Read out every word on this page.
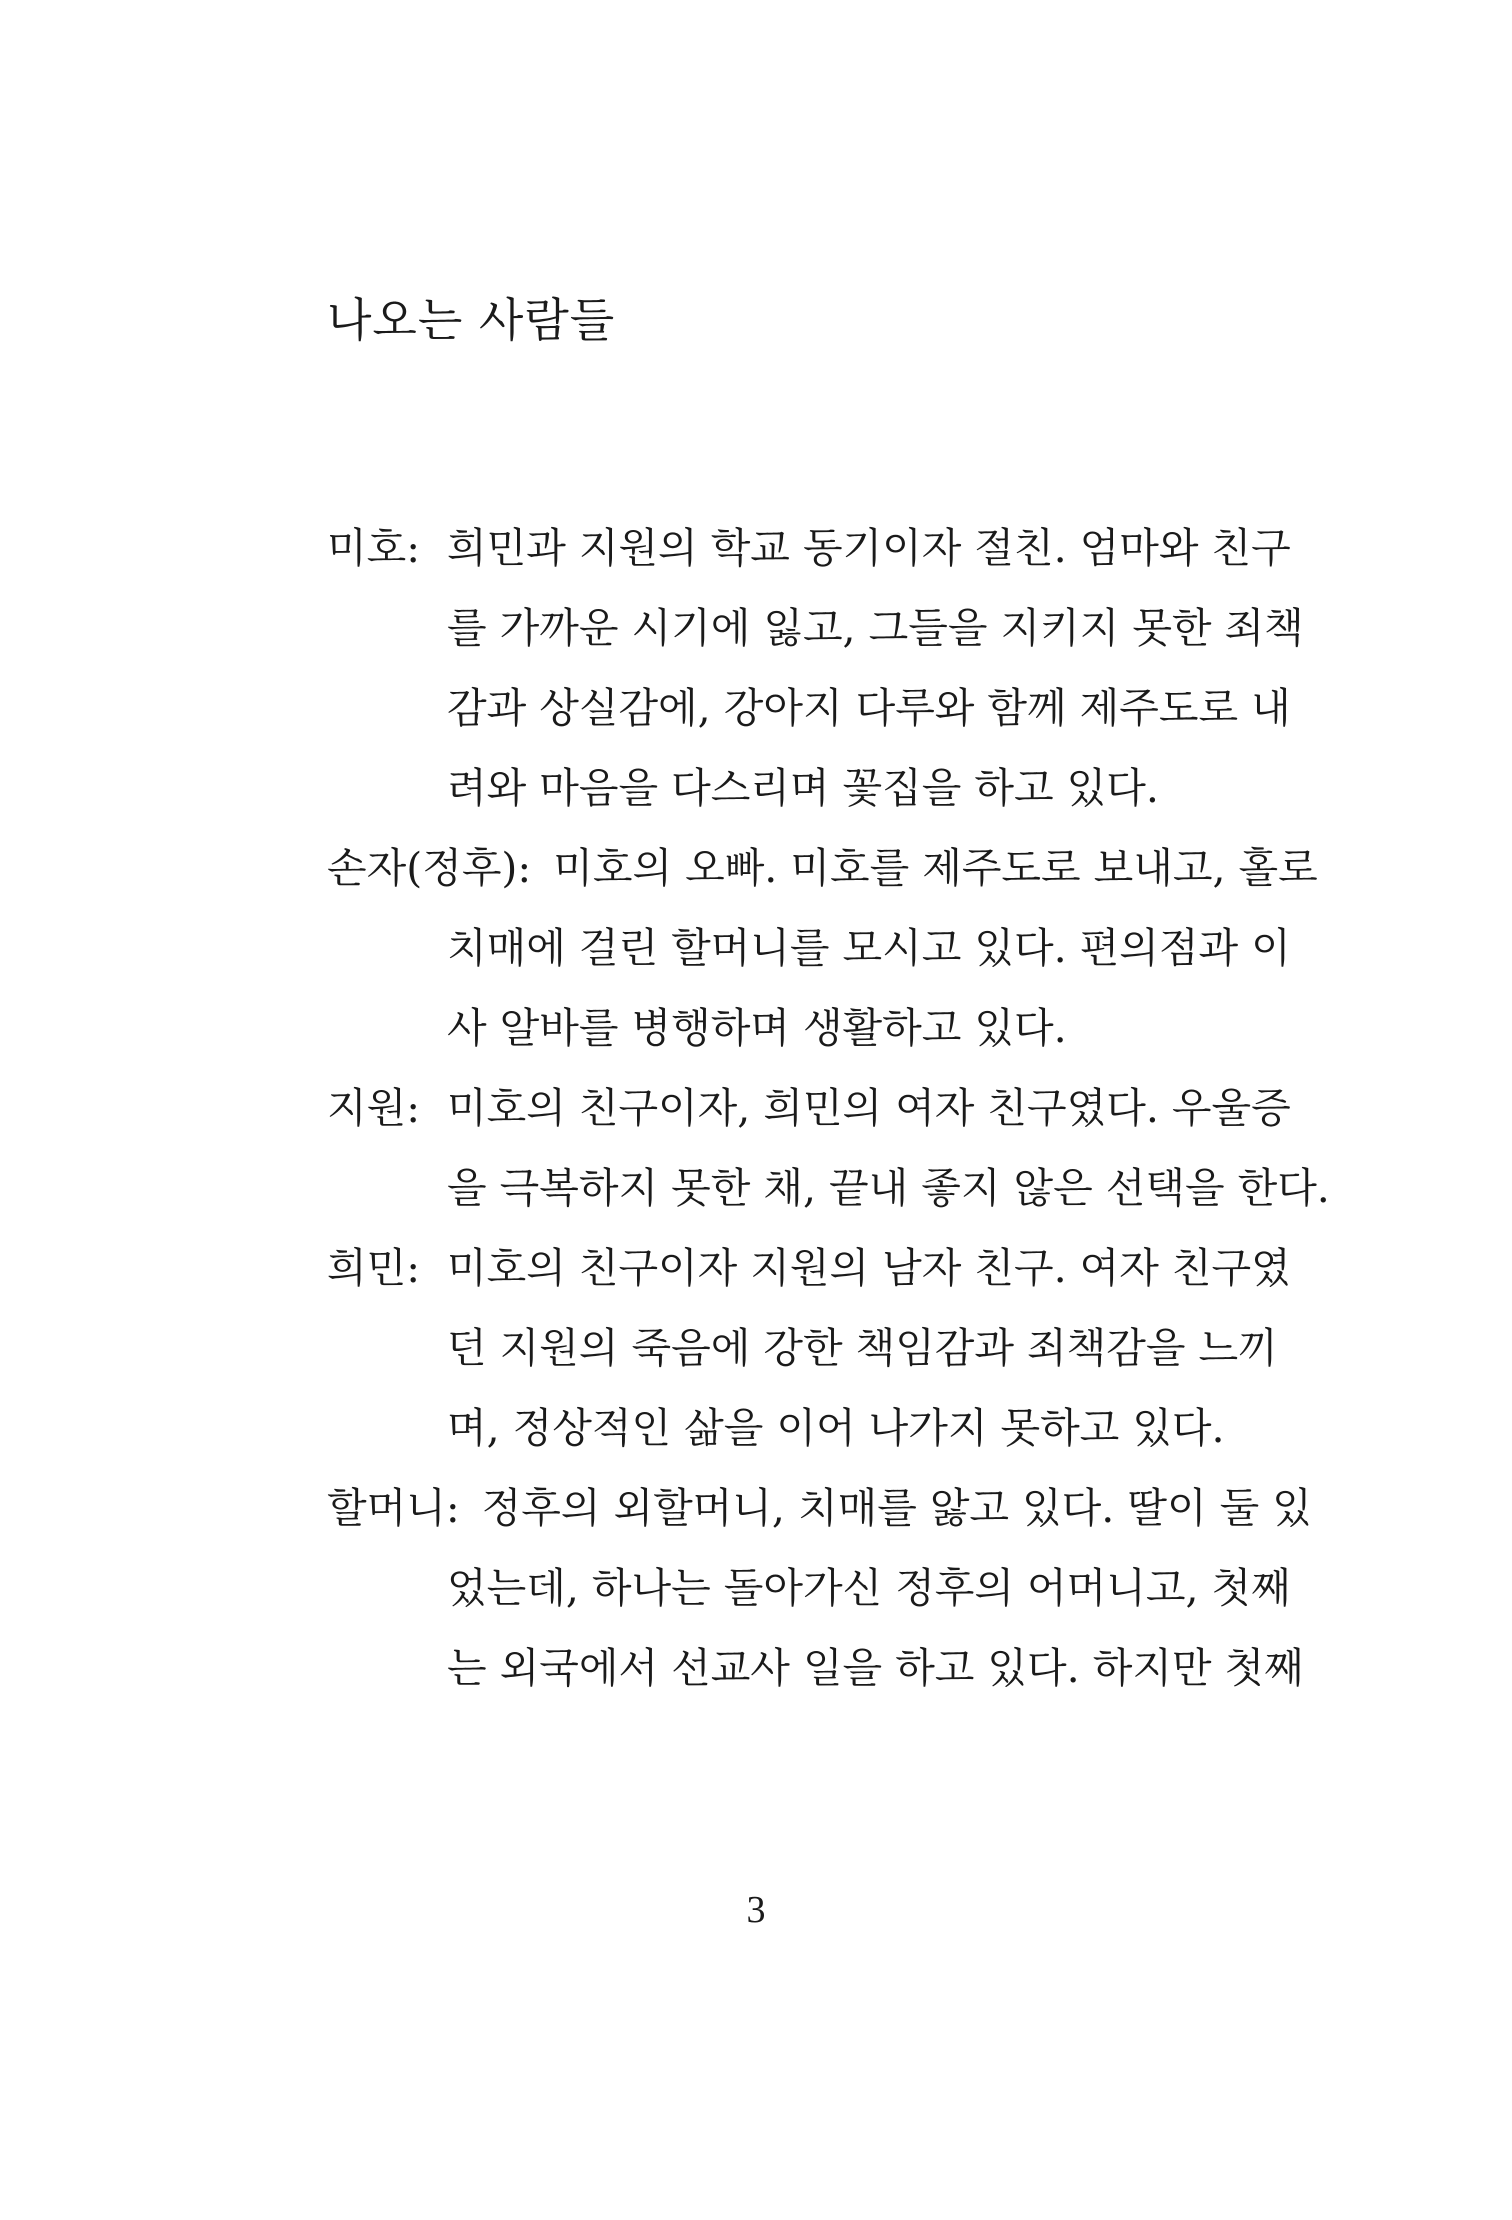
나오는 사람들
미호: 희민과 지원의 학교 동기이자 절친. 엄마와 친구
를 가까운 시기에 잃고, 그들을 지키지 못한 죄책
감과 상실감에, 강아지 다루와 함께 제주도로 내
려와 마음을 다스리며 꽃집을 하고 있다.
손자(정후): 미호의 오빠. 미호를 제주도로 보내고, 홀로
치매에 걸린 할머니를 모시고 있다. 편의점과 이
사 알바를 병행하며 생활하고 있다.
지원: 미호의 친구이자, 희민의 여자 친구였다. 우울증
을 극복하지 못한 채, 끝내 좋지 않은 선택을 한다.
희민: 미호의 친구이자 지원의 남자 친구. 여자 친구였
던 지원의 죽음에 강한 책임감과 죄책감을 느끼
며, 정상적인 삶을 이어 나가지 못하고 있다.
할머니: 정후의 외할머니, 치매를 앓고 있다. 딸이 둘 있
었는데, 하나는 돌아가신 정후의 어머니고, 첫째
는 외국에서 선교사 일을 하고 있다. 하지만 첫째
3
